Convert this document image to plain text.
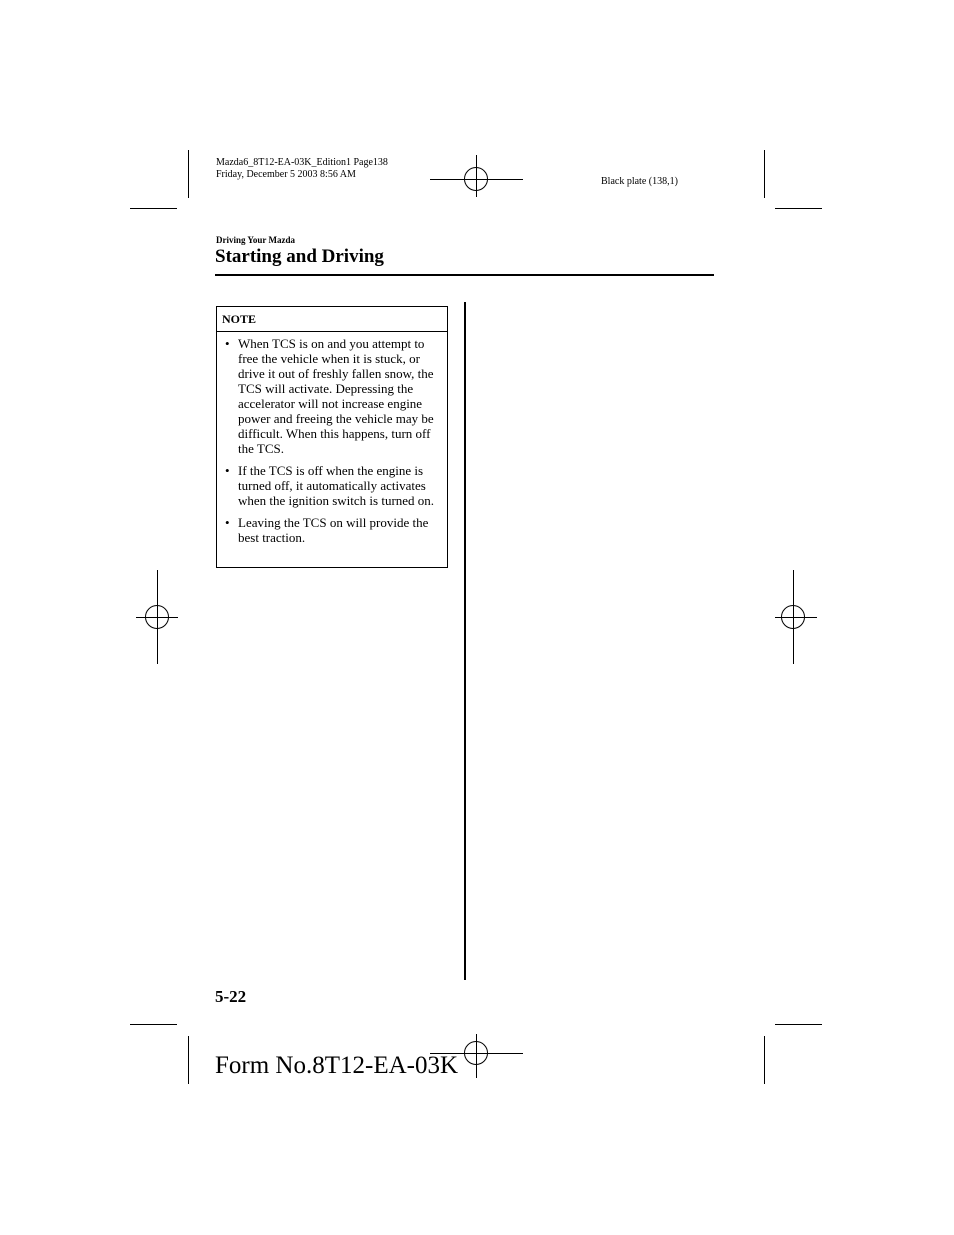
Mazda6_8T12-EA-03K_Edition1 Page138
Friday, December 5 2003 8:56 AM
Black plate (138,1)
Driving Your Mazda
Starting and Driving
NOTE
• When TCS is on and you attempt to free the vehicle when it is stuck, or drive it out of freshly fallen snow, the TCS will activate. Depressing the accelerator will not increase engine power and freeing the vehicle may be difficult. When this happens, turn off the TCS.
• If the TCS is off when the engine is turned off, it automatically activates when the ignition switch is turned on.
• Leaving the TCS on will provide the best traction.
5-22
Form No.8T12-EA-03K
